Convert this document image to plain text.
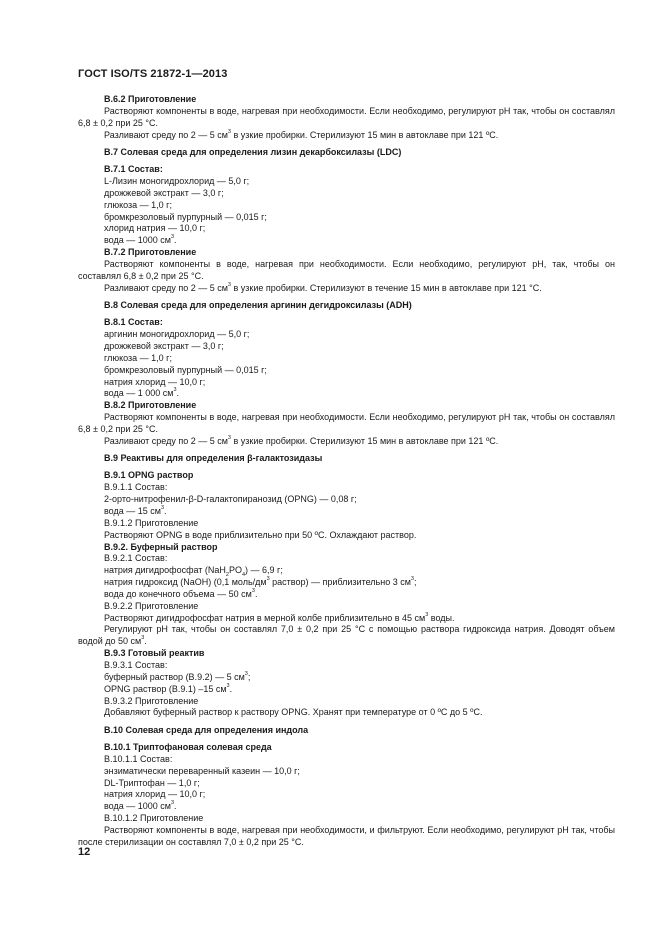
ГОСТ ISO/TS 21872-1—2013

В.6.2 Приготовление

Растворяют компоненты в воде, нагревая при необходимости. Если необходимо, регулируют pH так, чтобы он составлял 6,8 ± 0,2 при 25 °С.

Разливают среду по 2 — 5 $см^3$ в узкие пробирки. Стерилизуют 15 мин в автоклаве при 121 ºС.

В.7 Солевая среда для определения лизин декарбоксилазы (LDC)

В.7.1 Состав:

L-Лизин моногидрохлорид — 5,0 г;

дрожжевой экстракт — 3,0 г;

глюкоза — 1,0 г;

бромкрезоловый пурпурный — 0,015 г;

хлорид натрия — 10,0 г;

вода — 1000 $см^3$.

В.7.2 Приготовление

Растворяют компоненты в воде, нагревая при необходимости. Если необходимо, регулируют pH, так, чтобы он составлял 6,8 ± 0,2 при 25 °С.

Разливают среду по 2 — 5 $см^3$ в узкие пробирки. Стерилизуют в течение 15 мин в автоклаве при 121 °С.

В.8 Солевая среда для определения аргинин дегидроксилазы (ADH)

В.8.1 Состав:

аргинин моногидрохлорид — 5,0 г;

дрожжевой экстракт — 3,0 г;

глюкоза — 1,0 г;

бромкрезоловый пурпурный — 0,015 г;

натрия хлорид — 10,0 г;

вода — 1 000 $см^3$.

В.8.2 Приготовление

Растворяют компоненты в воде, нагревая при необходимости. Если необходимо, регулируют pH так, чтобы он составлял 6,8 ± 0,2 при 25 °С.

Разливают среду по 2 — 5 $см^3$ в узкие пробирки. Стерилизуют 15 мин в автоклаве при 121 ºС.

В.9 Реактивы для определения β-галактозидазы

В.9.1 OPNG раствор

В.9.1.1 Состав:

2-орто-нитрофенил-β-D-галактопиранозид (OPNG) — 0,08 г;

вода — 15 $см^3$.

В.9.1.2 Приготовление

Растворяют OPNG в воде приблизительно при 50 ºС. Охлаждают раствор.

В.9.2. Буферный раствор

В.9.2.1 Состав:

натрия дигидрофосфат $(NaH_2PO_4)$ — 6,9 г;

натрия гидроксид (NaOH) (0,1 моль/$дм^3$ раствор) — приблизительно 3 $см^3$;

вода до конечного объема — 50 $см^3$.

В.9.2.2 Приготовление

Растворяют дигидрофосфат натрия в мерной колбе приблизительно в 45 $см^3$ воды.

Регулируют pH так, чтобы он составлял 7,0 ± 0,2 при 25 °С с помощью раствора гидроксида натрия. Доводят объем водой до 50 $см^3$.

В.9.3 Готовый реактив

В.9.3.1 Состав:

буферный раствор (В.9.2) — 5 $см^3$;

OPNG раствор (В.9.1) –15 $см^3$.

В.9.3.2 Приготовление

Добавляют буферный раствор к раствору OPNG. Хранят при температуре от 0 ºС до 5 ºС.

В.10 Солевая среда для определения индола

В.10.1 Триптофановая солевая среда

В.10.1.1 Состав:

энзиматически переваренный казеин — 10,0 г;

DL-Триптофан — 1,0 г;

натрия хлорид — 10,0 г;

вода — 1000 $см^3$.

В.10.1.2 Приготовление

Растворяют компоненты в воде, нагревая при необходимости, и фильтруют. Если необходимо, регулируют pH так, чтобы после стерилизации он составлял 7,0 ± 0,2 при 25 °С.

12
